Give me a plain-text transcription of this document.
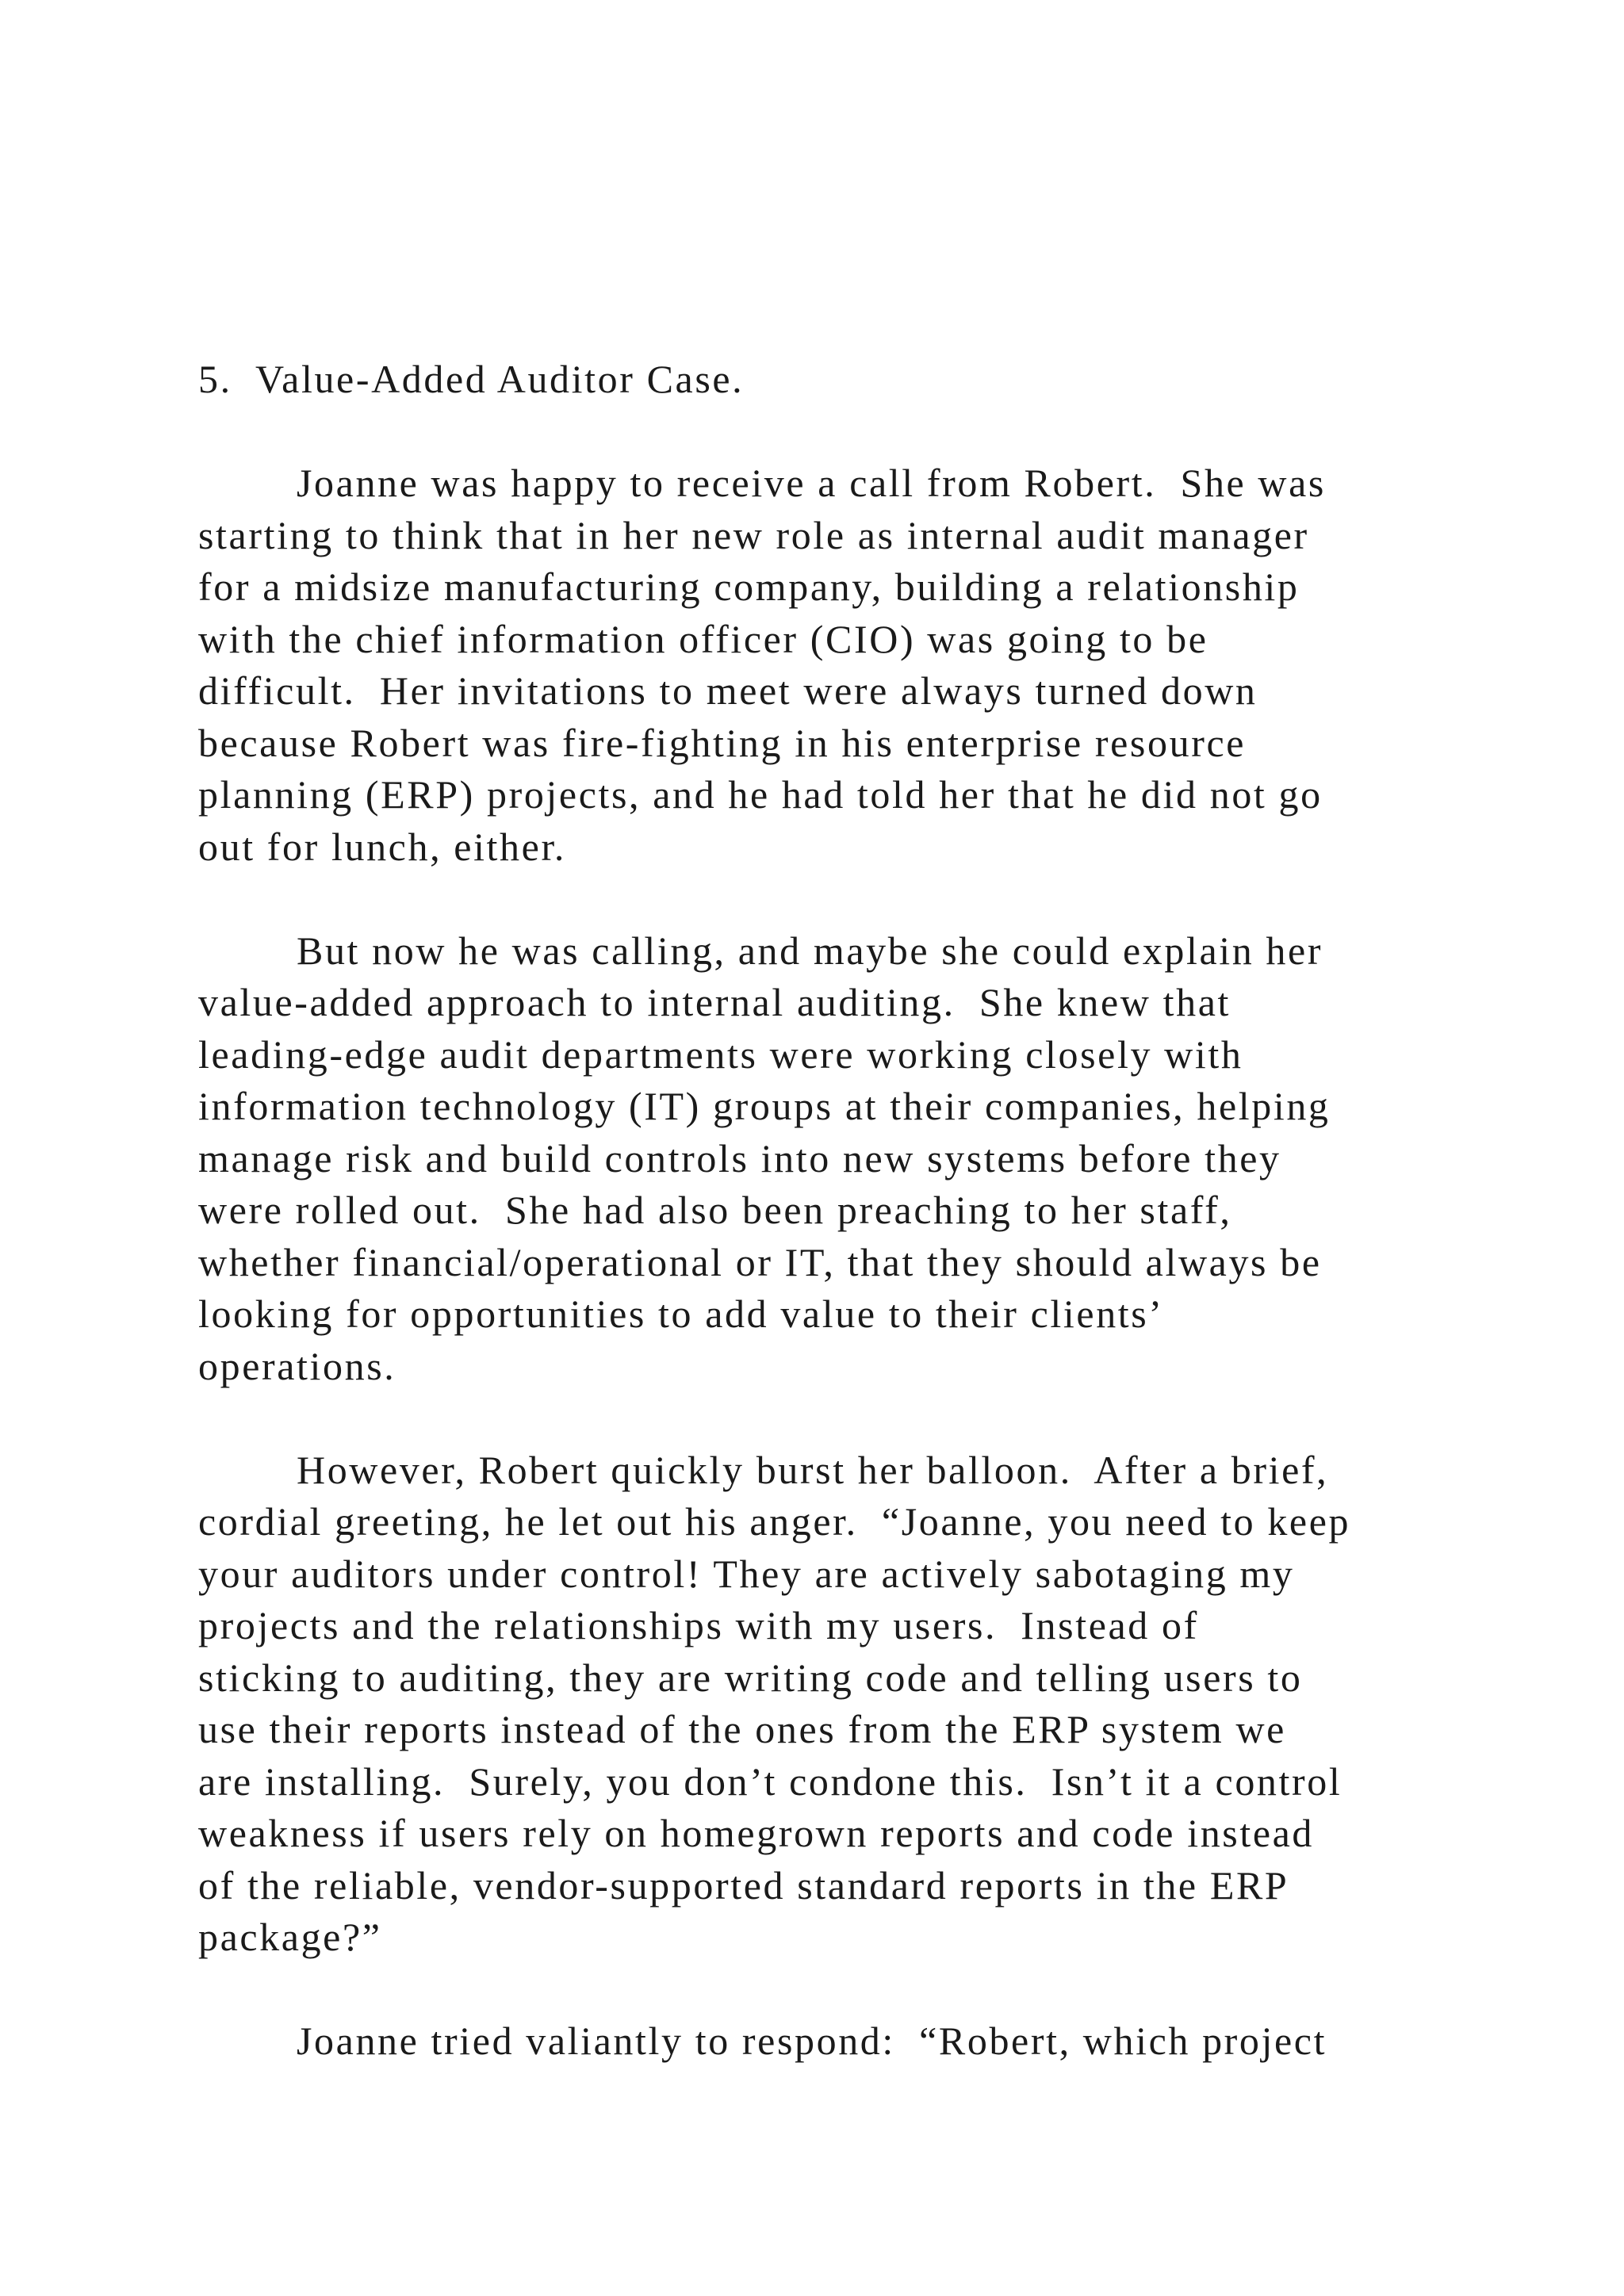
5.  Value-Added Auditor Case.
Joanne was happy to receive a call from Robert.  She was
starting to think that in her new role as internal audit manager
for a midsize manufacturing company, building a relationship
with the chief information officer (CIO) was going to be
difficult.  Her invitations to meet were always turned down
because Robert was fire-fighting in his enterprise resource
planning (ERP) projects, and he had told her that he did not go
out for lunch, either.
But now he was calling, and maybe she could explain her
value-added approach to internal auditing.  She knew that
leading-edge audit departments were working closely with
information technology (IT) groups at their companies, helping
manage risk and build controls into new systems before they
were rolled out.  She had also been preaching to her staff,
whether financial/operational or IT, that they should always be
looking for opportunities to add value to their clients’
operations.
However, Robert quickly burst her balloon.  After a brief,
cordial greeting, he let out his anger.  “Joanne, you need to keep
your auditors under control! They are actively sabotaging my
projects and the relationships with my users.  Instead of
sticking to auditing, they are writing code and telling users to
use their reports instead of the ones from the ERP system we
are installing.  Surely, you don’t condone this.  Isn’t it a control
weakness if users rely on homegrown reports and code instead
of the reliable, vendor-supported standard reports in the ERP
package?”
Joanne tried valiantly to respond:  “Robert, which project
